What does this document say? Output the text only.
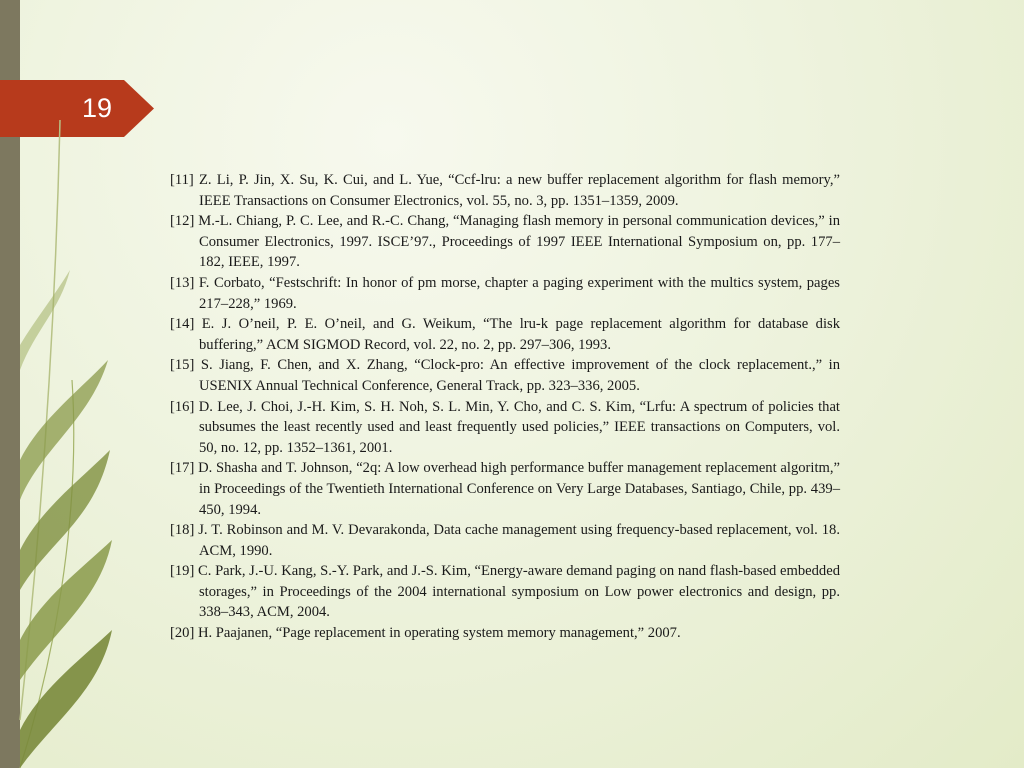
19

[11] Z. Li, P. Jin, X. Su, K. Cui, and L. Yue, “Ccf-lru: a new buffer replacement algorithm for flash memory,” IEEE Transactions on Consumer Electronics, vol. 55, no. 3, pp. 1351–1359, 2009.

[12] M.-L. Chiang, P. C. Lee, and R.-C. Chang, “Managing flash memory in personal communication devices,” in Consumer Electronics, 1997. ISCE’97., Proceedings of 1997 IEEE International Symposium on, pp. 177–182, IEEE, 1997.

[13] F. Corbato, “Festschrift: In honor of pm morse, chapter a paging experiment with the multics system, pages 217–228,” 1969.

[14] E. J. O’neil, P. E. O’neil, and G. Weikum, “The lru-k page replacement algorithm for database disk buffering,” ACM SIGMOD Record, vol. 22, no. 2, pp. 297–306, 1993.

[15] S. Jiang, F. Chen, and X. Zhang, “Clock-pro: An effective improvement of the clock replacement.,” in USENIX Annual Technical Conference, General Track, pp. 323–336, 2005.

[16] D. Lee, J. Choi, J.-H. Kim, S. H. Noh, S. L. Min, Y. Cho, and C. S. Kim, “Lrfu: A spectrum of policies that subsumes the least recently used and least frequently used policies,” IEEE transactions on Computers, vol. 50, no. 12, pp. 1352–1361, 2001.

[17] D. Shasha and T. Johnson, “2q: A low overhead high performance buffer management replacement algoritm,” in Proceedings of the Twentieth International Conference on Very Large Databases, Santiago, Chile, pp. 439–450, 1994.

[18] J. T. Robinson and M. V. Devarakonda, Data cache management using frequency-based replacement, vol. 18. ACM, 1990.

[19] C. Park, J.-U. Kang, S.-Y. Park, and J.-S. Kim, “Energy-aware demand paging on nand flash-based embedded storages,” in Proceedings of the 2004 international symposium on Low power electronics and design, pp. 338–343, ACM, 2004.

[20] H. Paajanen, “Page replacement in operating system memory management,” 2007.
